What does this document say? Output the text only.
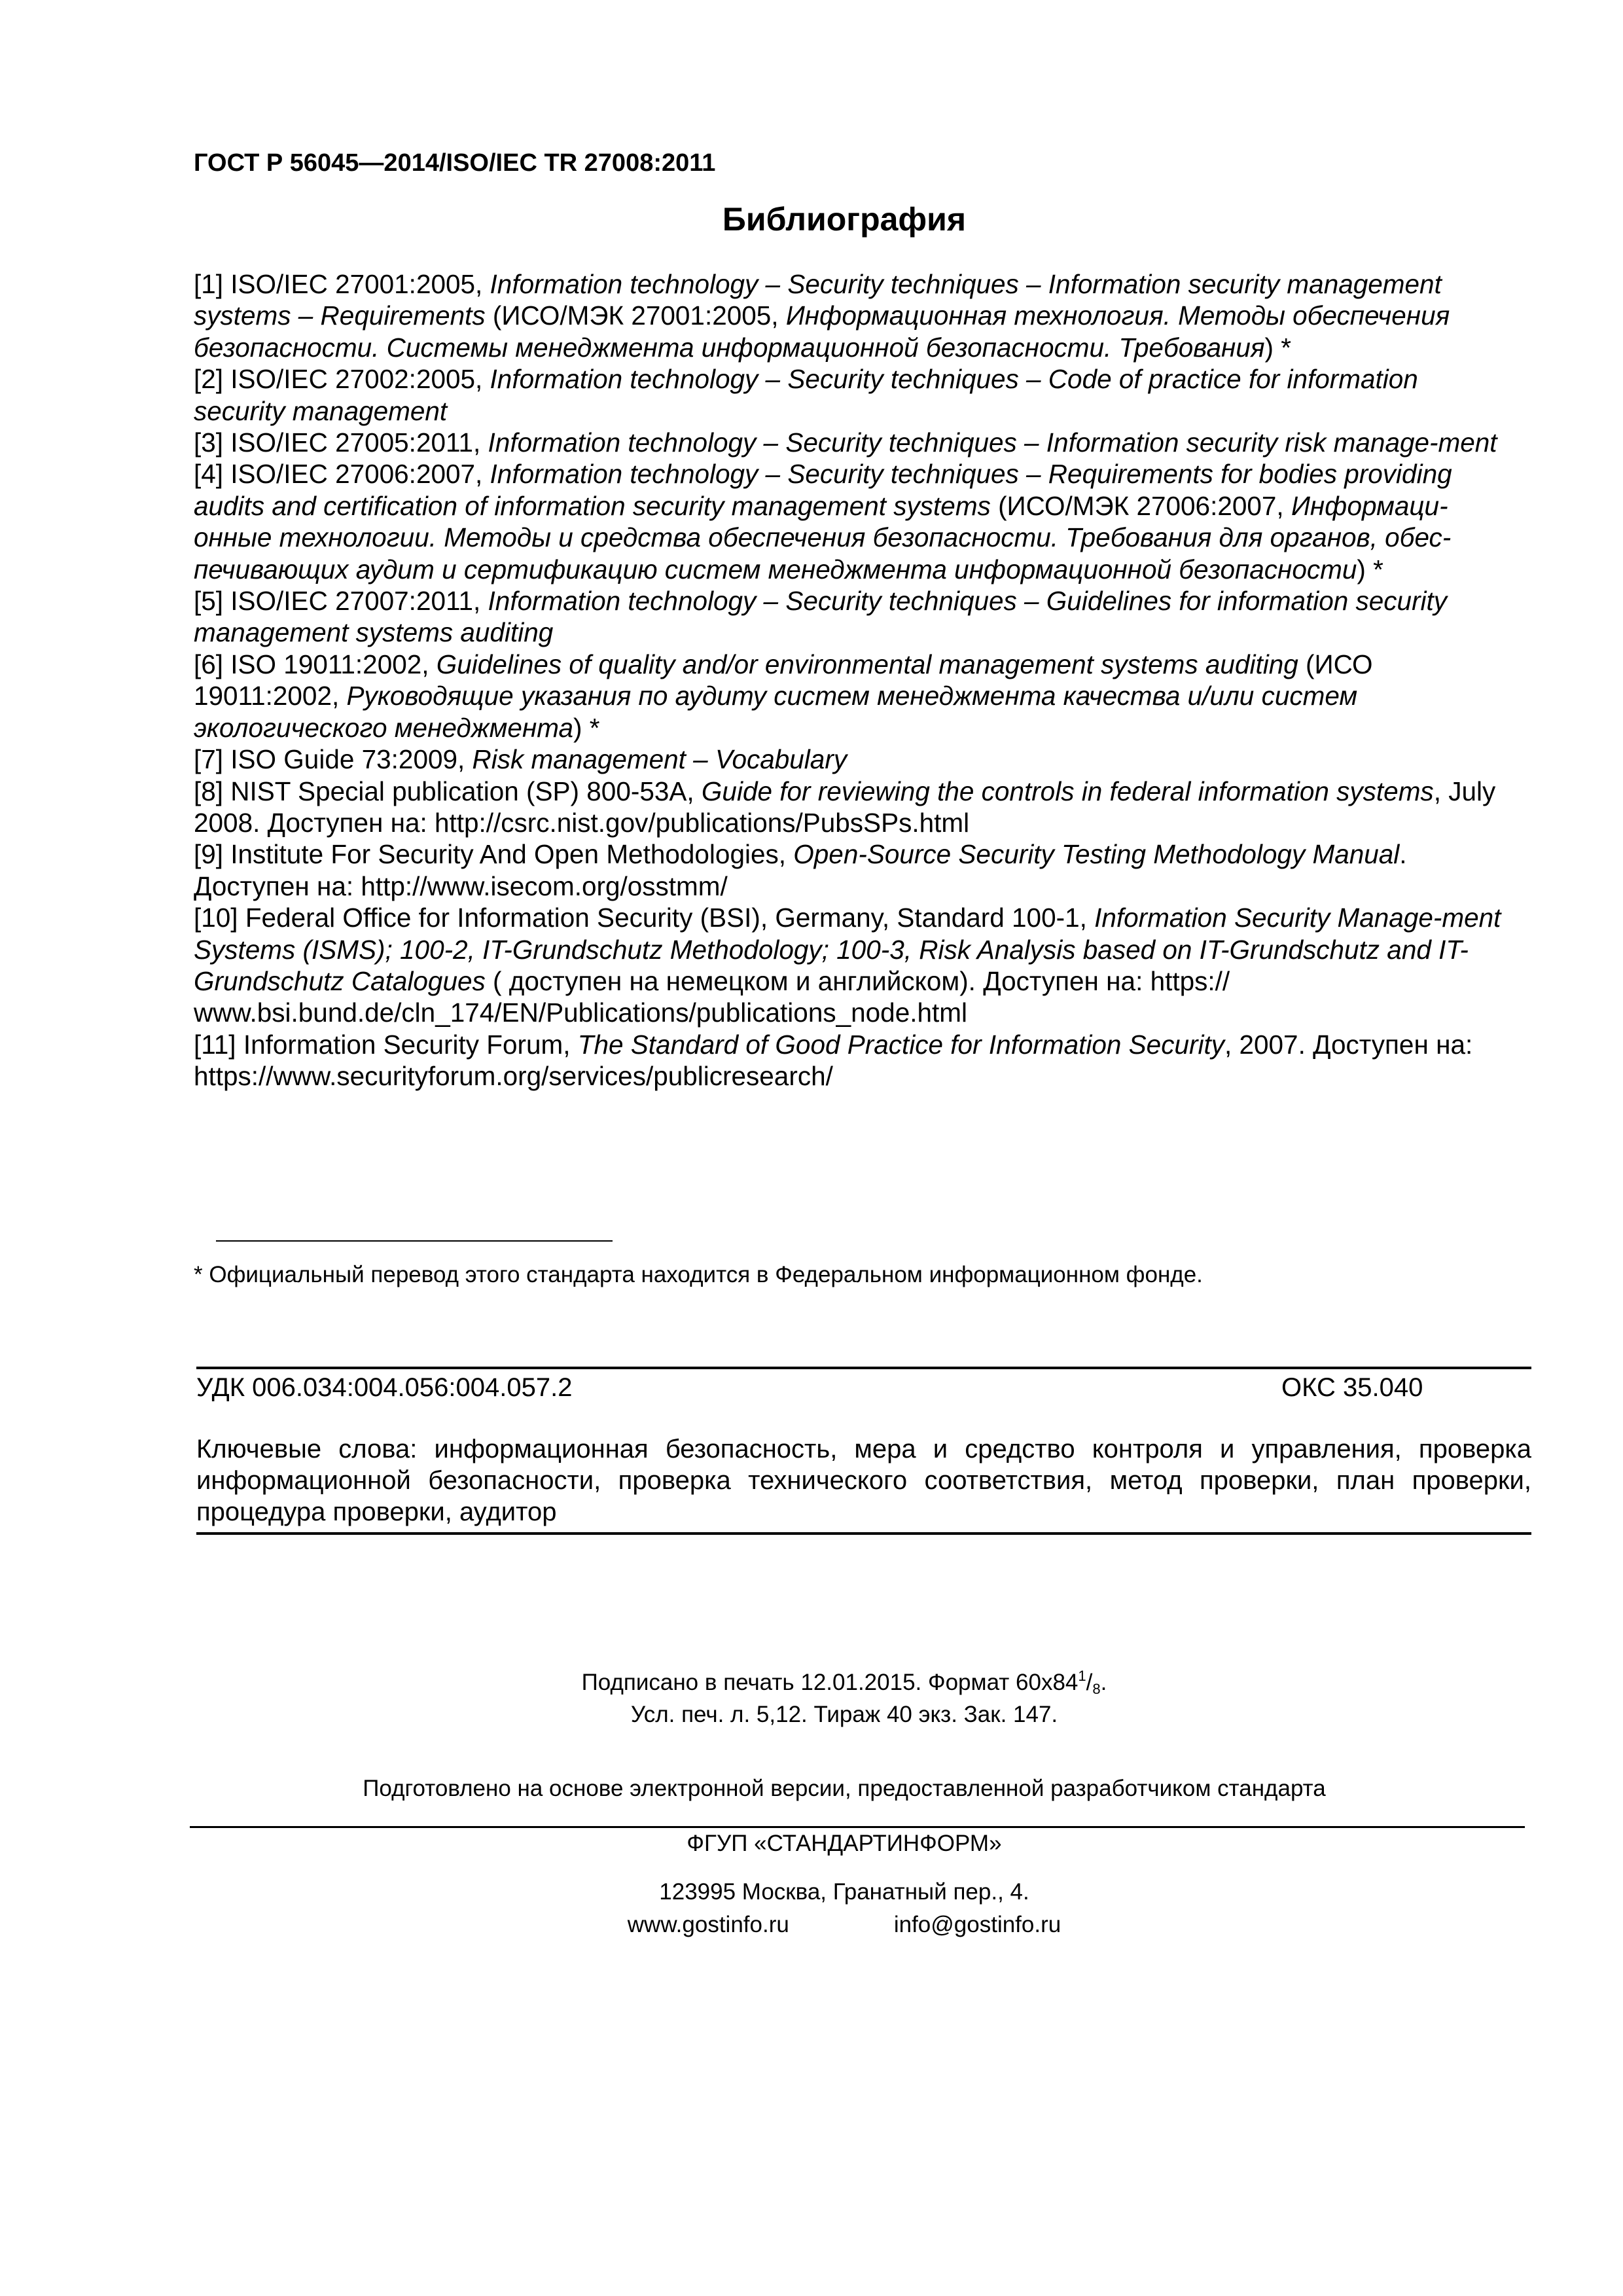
ГОСТ Р 56045—2014/ISO/IEC TR 27008:2011
Библиография

[1] ISO/IEC 27001:2005, Information technology – Security techniques – Information security management systems – Requirements (ИСО/МЭК 27001:2005, Информационная технология. Методы обеспечения безопасности. Системы менеджмента информационной безопасности. Требования) *

[2] ISO/IEC 27002:2005, Information technology – Security techniques – Code of practice for information security management

[3] ISO/IEC 27005:2011, Information technology – Security techniques – Information security risk manage-ment

[4] ISO/IEC 27006:2007, Information technology – Security techniques – Requirements for bodies providing audits and certification of information security management systems (ИСО/МЭК 27006:2007, Информаци-онные технологии. Методы и средства обеспечения безопасности. Требования для органов, обес-печивающих аудит и сертификацию систем менеджмента информационной безопасности) *

[5] ISO/IEC 27007:2011, Information technology – Security techniques – Guidelines for information security management systems auditing

[6] ISO 19011:2002, Guidelines of quality and/or environmental management systems auditing (ИСО 19011:2002, Руководящие указания по аудиту систем менеджмента качества и/или систем экологического менеджмента) *

[7] ISO Guide 73:2009, Risk management – Vocabulary

[8] NIST Special publication (SP) 800-53A, Guide for reviewing the controls in federal information systems, July 2008. Доступен на: http://csrc.nist.gov/publications/PubsSPs.html

[9] Institute For Security And Open Methodologies, Open-Source Security Testing Methodology Manual. Доступен на: http://www.isecom.org/osstmm/

[10] Federal Office for Information Security (BSI), Germany, Standard 100-1, Information Security Manage-ment Systems (ISMS); 100-2, IT-Grundschutz Methodology; 100-3, Risk Analysis based on IT-Grundschutz and IT-Grundschutz Catalogues ( доступен на немецком и английском). Доступен на: https:// www.bsi.bund.de/cln_174/EN/Publications/publications_node.html

[11] Information Security Forum, The Standard of Good Practice for Information Security, 2007. Доступен на: https://www.securityforum.org/services/publicresearch/

* Официальный перевод этого стандарта находится в Федеральном информационном фонде.
УДК 006.034:004.056:004.057.2	ОКС 35.040
Ключевые слова: информационная безопасность, мера и средство контроля и управления, проверка информационной безопасности, проверка технического соответствия, метод проверки, план проверки, процедура проверки, аудитор
Подписано в печать 12.01.2015. Формат $60х84^1/_8$.
Усл. печ. л. 5,12. Тираж 40 экз. Зак. 147.
Подготовлено на основе электронной версии, предоставленной разработчиком стандарта
ФГУП «СТАНДАРТИНФОРМ»
123995 Москва, Гранатный пер., 4.
www.gostinfo.ru	info@gostinfo.ru
